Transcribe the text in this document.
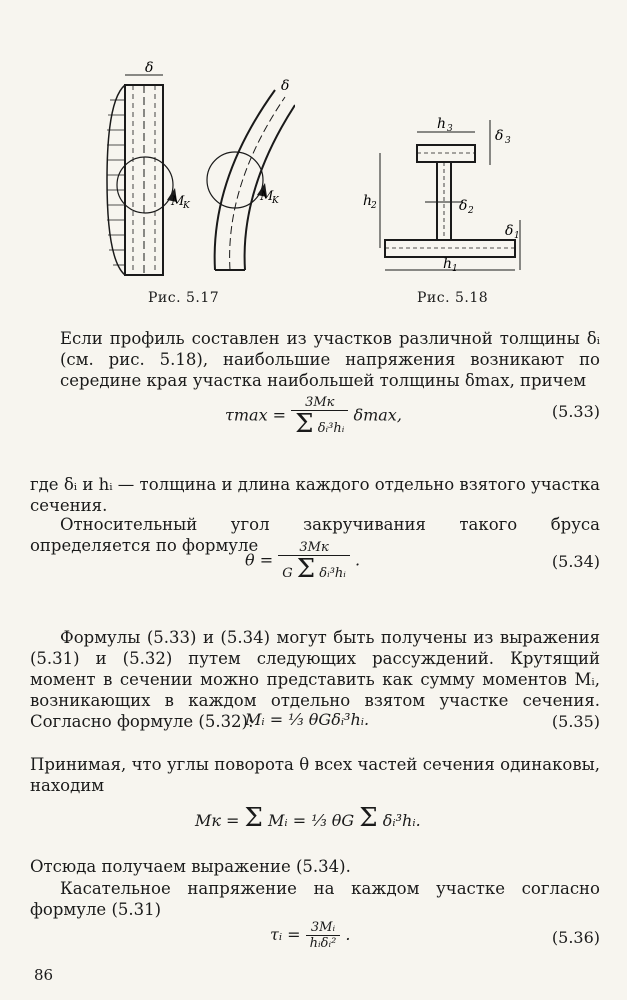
δ
M
K
M
K
δ
Рис. 5.17
h 3	δ 3
h
2	δ 2
δ 1
h 1
Рис. 5.18
Если профиль составлен из участков различной толщины δᵢ (см. рис. 5.18), наибольшие напряжения возникают по середине края участка наибольшей толщины δmax, причем
$\tau\max = \frac{3Mк}{\text{Σ δᵢ³hᵢ}} \delta\max$,	(5.33)
где δᵢ и hᵢ — толщина и длина каждого отдельно взятого участка сечения.
Относительный угол закручивания такого бруса определяется по формуле
$\theta = \frac{3Mк}{\text{G Σ δᵢ³hᵢ}}$ .	(5.34)
Формулы (5.33) и (5.34) могут быть получены из выражения (5.31) и (5.32) путем следующих рассуждений. Крутящий момент в сечении можно представить как сумму моментов Mᵢ, возникающих в каждом отдельно взятом участке сечения. Согласно формуле (5.32):
Mᵢ = ⅓ θGδᵢ³hᵢ.	(5.35)
Принимая, что углы поворота θ всех частей сечения одинаковы, находим
Mк = Σ Mᵢ = ⅓ θG Σ δᵢ³hᵢ.
Отсюда получаем выражение (5.34).
Касательное напряжение на каждом участке согласно формуле (5.31)
τᵢ = $\frac{\text{3Mᵢ}}{\text{hᵢδᵢ²}}$ .	(5.36)
86
